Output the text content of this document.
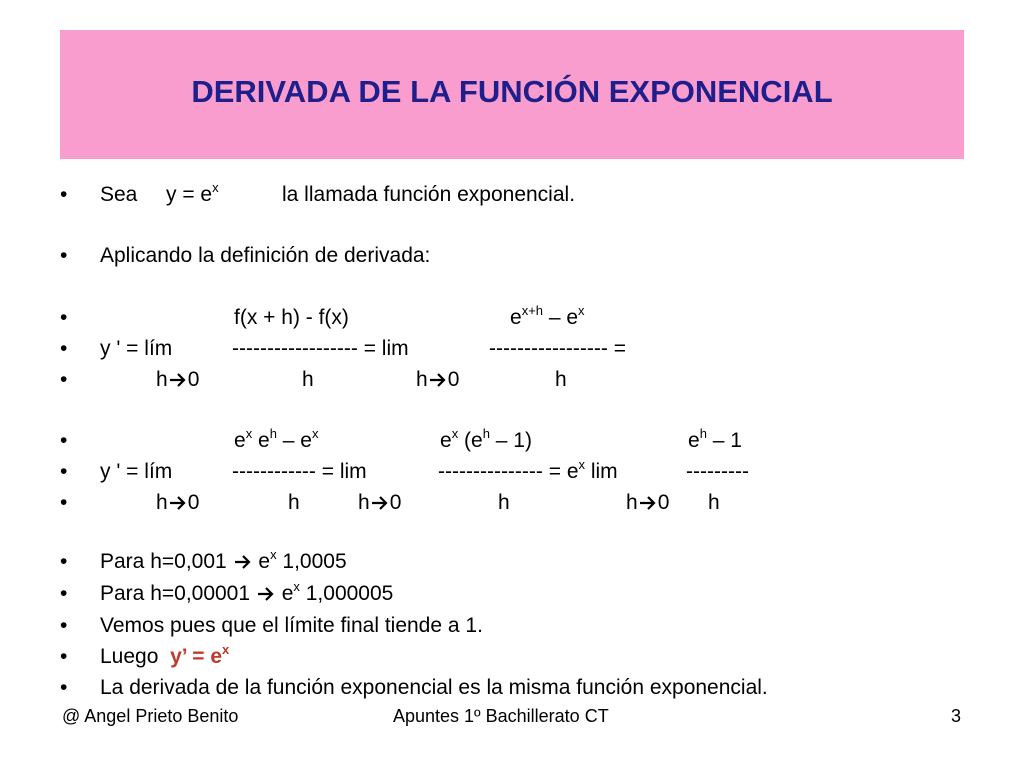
DERIVADA DE LA FUNCIÓN EXPONENCIAL
•
•
•
•
•
•
•
•
•
•
•
•
•
Sea $y = e^x$	la llamada función exponencial.
Aplicando la definición de derivada:
f(x + h) - f(x)	$e^{x+h} - e^x$
y ' = lím	------------------ = lim	----------------- =
h 0	h	h 0	h
$e^x$ $e^h - e^x$	$e^x$ $(e^h - 1)$	$e^h - 1$
y ' = lím	------------ = lim	--------------- = $e^x$ lim	---------
h 0	h	h 0	h	h 0 h
Para h=0,001 $e^x$ 1,0005
Para h=0,00001 $e^x$ 1,000005
Vemos pues que el límite final tiende a 1.
Luego y’ = $e^x$
La derivada de la función exponencial es la misma función exponencial.
@ Angel Prieto Benito	Apuntes 1º Bachillerato CT	3
